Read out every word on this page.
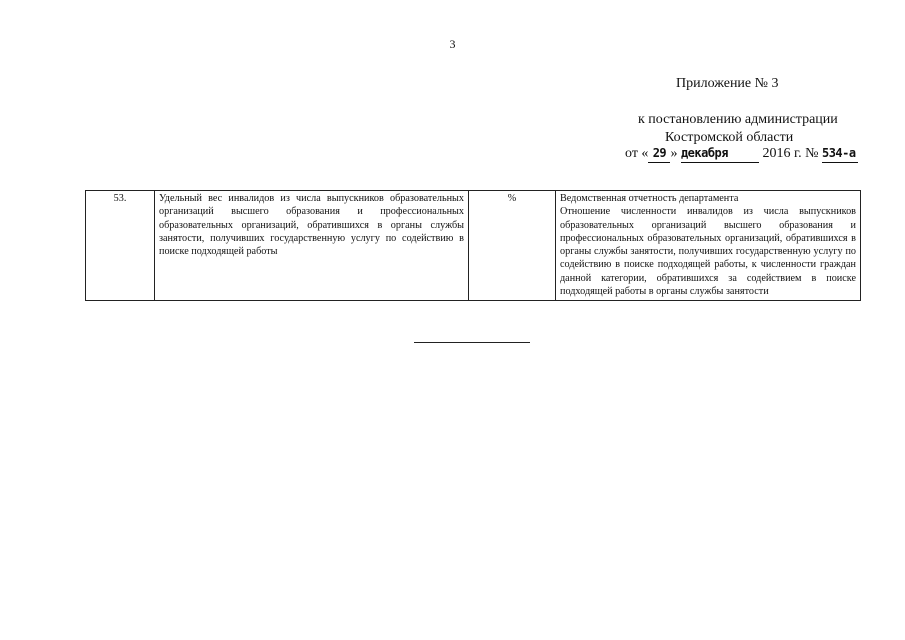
3
Приложение № 3
к постановлению администрации
Костромской области
от « 29 » декабря 2016 г. № 534-а
53.	Удельный вес инвалидов из числа выпускников образовательных организаций высшего образования и профессиональных образовательных организаций, обратившихся в органы службы занятости, получивших государственную услугу по содействию в поиске подходящей работы	%	Ведомственная отчетность департамента
Отношение численности инвалидов из числа выпускников образовательных организаций высшего образования и профессиональных образовательных организаций, обратившихся в органы службы занятости, получивших государственную услугу по содействию в поиске подходящей работы, к численности граждан данной категории, обратившихся за содействием в поиске подходящей работы в органы службы занятости
